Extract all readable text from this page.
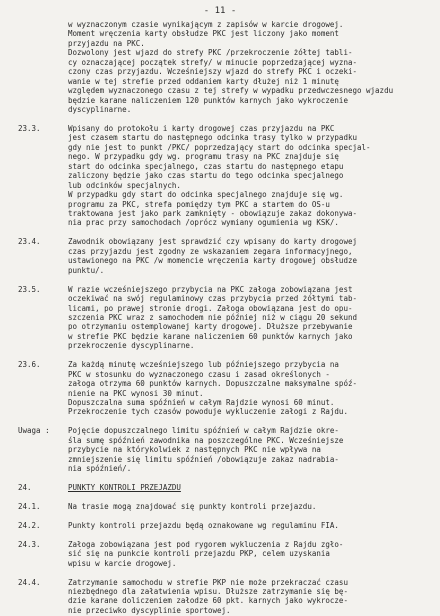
- 11 -
w wyznaczonym czasie wynikającym z zapisów w karcie drogowej.
Moment wręczenia karty obsłudze PKC jest liczony jako moment
przyjazdu na PKC.
Dozwolony jest wjazd do strefy PKC /przekroczenie żółtej tabli-
cy oznaczającej początek strefy/ w minucie poprzedzającej wyzna-
czony czas przyjazdu. Wcześniejszy wjazd do strefy PKC i oczeki-
wanie w tej strefie przed oddaniem karty dłużej niż 1 minutę
względem wyznaczonego czasu z tej strefy w wypadku przedwczesnego wjazdu
będzie karane naliczeniem 120 punktów karnych jako wykroczenie
dyscyplinarne.
23.3.	Wpisany do protokołu i karty drogowej czas przyjazdu na PKC
jest czasem startu do następnego odcinka trasy tylko w przypadku
gdy nie jest to punkt /PKC/ poprzedzający start do odcinka specjal-
nego. W przypadku gdy wg. programu trasy na PKC znajduje się
start do odcinka specjalnego, czas startu do następnego etapu
zaliczony będzie jako czas startu do tego odcinka specjalnego
lub odcinków specjalnych.
W przypadku gdy start do odcinka specjalnego znajduje się wg.
programu za PKC, strefa pomiędzy tym PKC a startem do OS-u
traktowana jest jako park zamknięty - obowiązuje zakaz dokonywa-
nia prac przy samochodach /oprócz wymiany ogumienia wg KSK/.
23.4.	Zawodnik obowiązany jest sprawdzić czy wpisany do karty drogowej
czas przyjazdu jest zgodny ze wskazaniem zegara informacyjnego,
ustawionego na PKC /w momencie wręczenia karty drogowej obsłudze
punktu/.
23.5.	W razie wcześniejszego przybycia na PKC załoga zobowiązana jest
oczekiwać na swój regulaminowy czas przybycia przed żółtymi tab-
licami, po prawej stronie drogi. Załoga obowiązana jest do opu-
szczenia PKC wraz z samochodem nie później niż w ciągu 20 sekund
po otrzymaniu ostemplowanej karty drogowej. Dłuższe przebywanie
w strefie PKC będzie karane naliczeniem 60 punktów karnych jako
przekroczenie dyscyplinarne.
23.6.	Za każdą minutę wcześniejszego lub późniejszego przybycia na
PKC w stosunku do wyznaczonego czasu i zasad określonych -
załoga otrzyma 60 punktów karnych. Dopuszczalne maksymalne spóź-
nienie na PKC wynosi 30 minut.
Dopuszczalna suma spóźnień w całym Rajdzie wynosi 60 minut.
Przekroczenie tych czasów powoduje wykluczenie załogi z Rajdu.
Uwaga : Pojęcie dopuszczalnego limitu spóźnień w całym Rajdzie okre-
śla sumę spóźnień zawodnika na poszczególne PKC. Wcześniejsze
przybycie na którykolwiek z następnych PKC nie wpływa na
zmniejszenie się limitu spóźnień /obowiązuje zakaz nadrabia-
nia spóźnień/.
24.	PUNKTY KONTROLI PRZEJAZDU
24.1.	Na trasie mogą znajdować się punkty kontroli przejazdu.
24.2.	Punkty kontroli przejazdu będą oznakowane wg regulaminu FIA.
24.3.	Załoga zobowiązana jest pod rygorem wykluczenia z Rajdu zgło-
sić się na punkcie kontroli przejazdu PKP, celem uzyskania
wpisu w karcie drogowej.
24.4.	Zatrzymanie samochodu w strefie PKP nie może przekraczać czasu
niezbędnego dla załatwienia wpisu. Dłuższe zatrzymanie się bę-
dzie karane doliczeniem załodze 60 pkt. karnych jako wykrocze-
nie przeciwko dyscyplinie sportowej.
